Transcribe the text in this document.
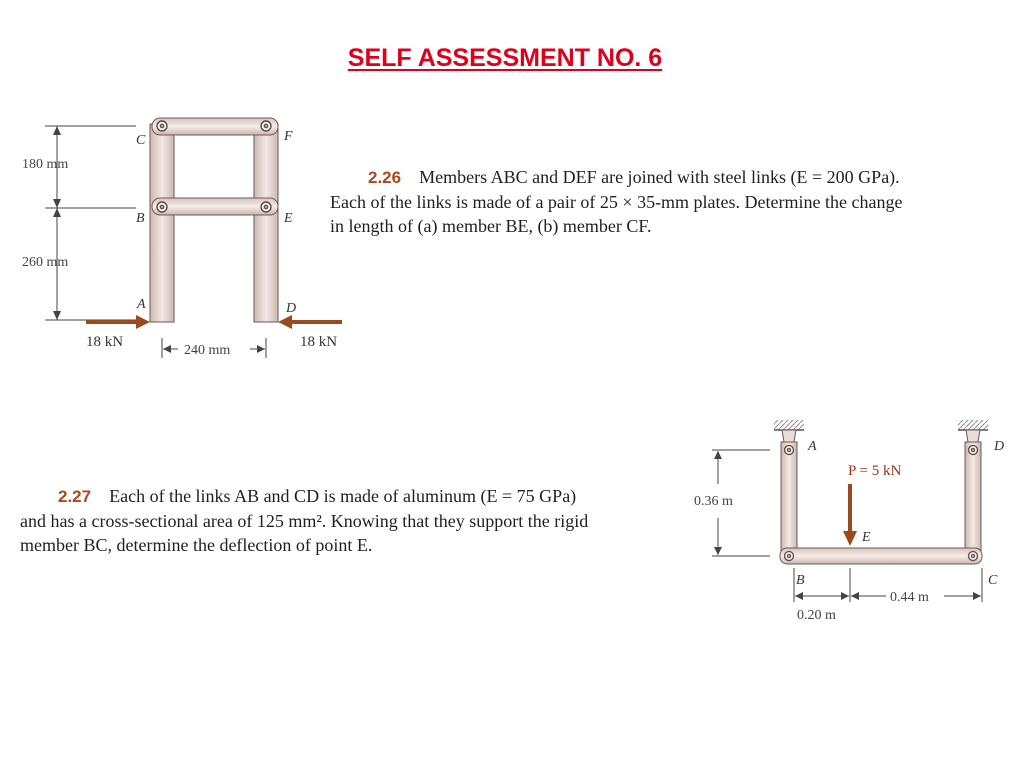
SELF ASSESSMENT NO. 6
180 mm
260 mm
C	F
B	E
A	D
18 kN	18 kN
240 mm
2.26 Members ABC and DEF are joined with steel links (E = 200 GPa).
Each of the links is made of a pair of 25 × 35-mm plates. Determine the change
in length of (a) member BE, (b) member CF.
2.27 Each of the links AB and CD is made of aluminum (E = 75 GPa)
and has a cross-sectional area of 125 mm². Knowing that they support the rigid
member BC, determine the deflection of point E.
P = 5 kN
A	D
E
B	C
0.36 m
0.44 m
0.20 m
